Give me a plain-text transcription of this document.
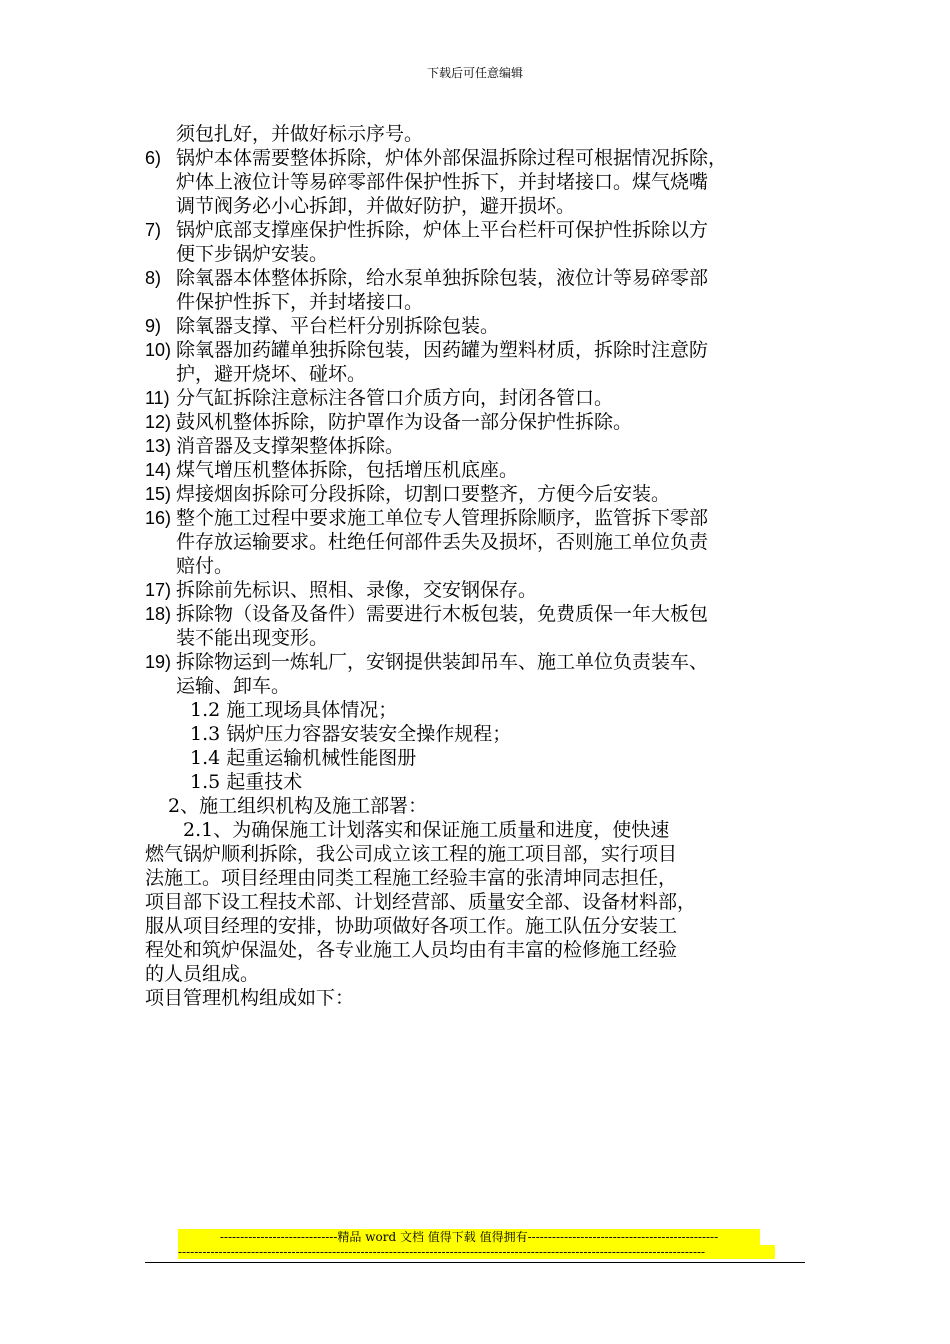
下载后可任意编辑
须包扎好，并做好标示序号。
6) 锅炉本体需要整体拆除，炉体外部保温拆除过程可根据情况拆除，
炉体上液位计等易碎零部件保护性拆下，并封堵接口。煤气烧嘴
调节阀务必小心拆卸，并做好防护，避开损坏。
7) 锅炉底部支撑座保护性拆除，炉体上平台栏杆可保护性拆除以方
便下步锅炉安装。
8) 除氧器本体整体拆除，给水泵单独拆除包装，液位计等易碎零部
件保护性拆下，并封堵接口。
9) 除氧器支撑、平台栏杆分别拆除包装。
10) 除氧器加药罐单独拆除包装，因药罐为塑料材质，拆除时注意防
护，避开烧坏、碰坏。
11) 分气缸拆除注意标注各管口介质方向，封闭各管口。
12) 鼓风机整体拆除，防护罩作为设备一部分保护性拆除。
13) 消音器及支撑架整体拆除。
14) 煤气增压机整体拆除，包括增压机底座。
15) 焊接烟囱拆除可分段拆除，切割口要整齐，方便今后安装。
16) 整个施工过程中要求施工单位专人管理拆除顺序，监管拆下零部
件存放运输要求。杜绝任何部件丢失及损坏，否则施工单位负责
赔付。
17) 拆除前先标识、照相、录像，交安钢保存。
18) 拆除物（设备及备件）需要进行木板包装，免费质保一年大板包
装不能出现变形。
19) 拆除物运到一炼轧厂，安钢提供装卸吊车、施工单位负责装车、
运输、卸车。
1.2 施工现场具体情况；
1.3 锅炉压力容器安装安全操作规程；
1.4 起重运输机械性能图册
1.5 起重技术
2、施工组织机构及施工部署：
2.1、为确保施工计划落实和保证施工质量和进度，使快速
燃气锅炉顺利拆除，我公司成立该工程的施工项目部，实行项目
法施工。项目经理由同类工程施工经验丰富的张清坤同志担任，
项目部下设工程技术部、计划经营部、质量安全部、设备材料部，
服从项目经理的安排，协助项做好各项工作。施工队伍分安装工
程处和筑炉保温处，各专业施工人员均由有丰富的检修施工经验
的人员组成。
项目管理机构组成如下：
-----------------------------精品 word 文档 值得下载 值得拥有-----------------------------------------------
----------------------------------------------------------------------------------------------------------------------------------
